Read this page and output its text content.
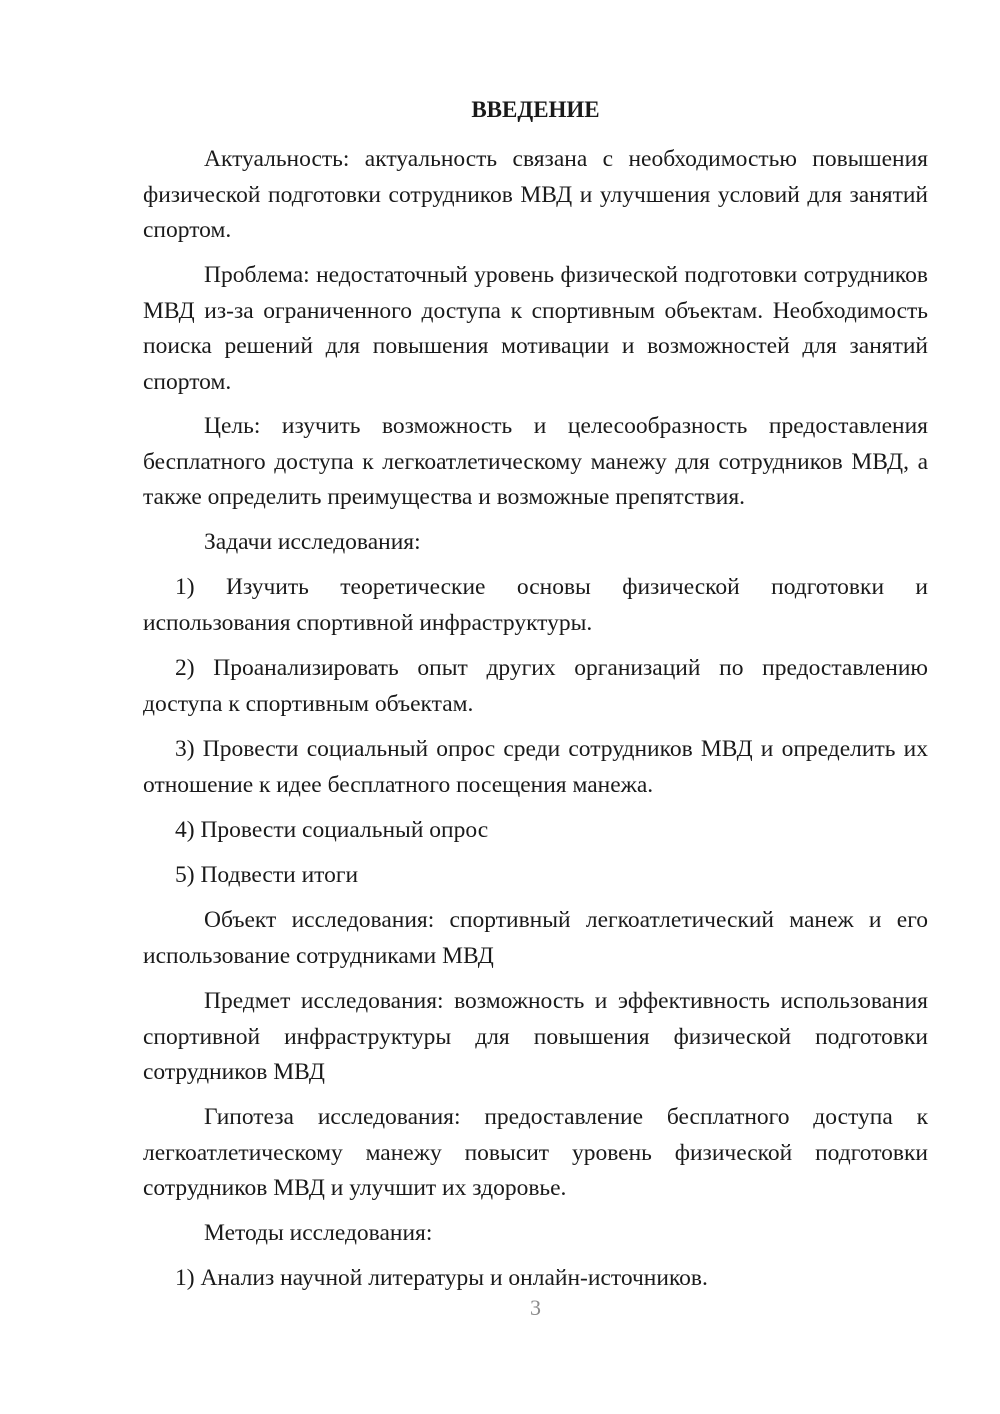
ВВЕДЕНИЕ

Актуальность: актуальность связана с необходимостью повышения физической подготовки сотрудников МВД и улучшения условий для занятий спортом.

Проблема: недостаточный уровень физической подготовки сотрудников МВД из-за ограниченного доступа к спортивным объектам. Необходимость поиска решений для повышения мотивации и возможностей для занятий спортом.

Цель: изучить возможность и целесообразность предоставления бесплатного доступа к легкоатлетическому манежу для сотрудников МВД, а также определить преимущества и возможные препятствия.

Задачи исследования:

1) Изучить теоретические основы физической подготовки и использования спортивной инфраструктуры.

2) Проанализировать опыт других организаций по предоставлению доступа к спортивным объектам.

3) Провести социальный опрос среди сотрудников МВД и определить их отношение к идее бесплатного посещения манежа.

4) Провести социальный опрос

5) Подвести итоги

Объект исследования: спортивный легкоатлетический манеж и его использование сотрудниками МВД

Предмет исследования: возможность и эффективность использования спортивной инфраструктуры для повышения физической подготовки сотрудников МВД

Гипотеза исследования: предоставление бесплатного доступа к легкоатлетическому манежу повысит уровень физической подготовки сотрудников МВД и улучшит их здоровье.

Методы исследования:

1) Анализ научной литературы и онлайн-источников.

3
